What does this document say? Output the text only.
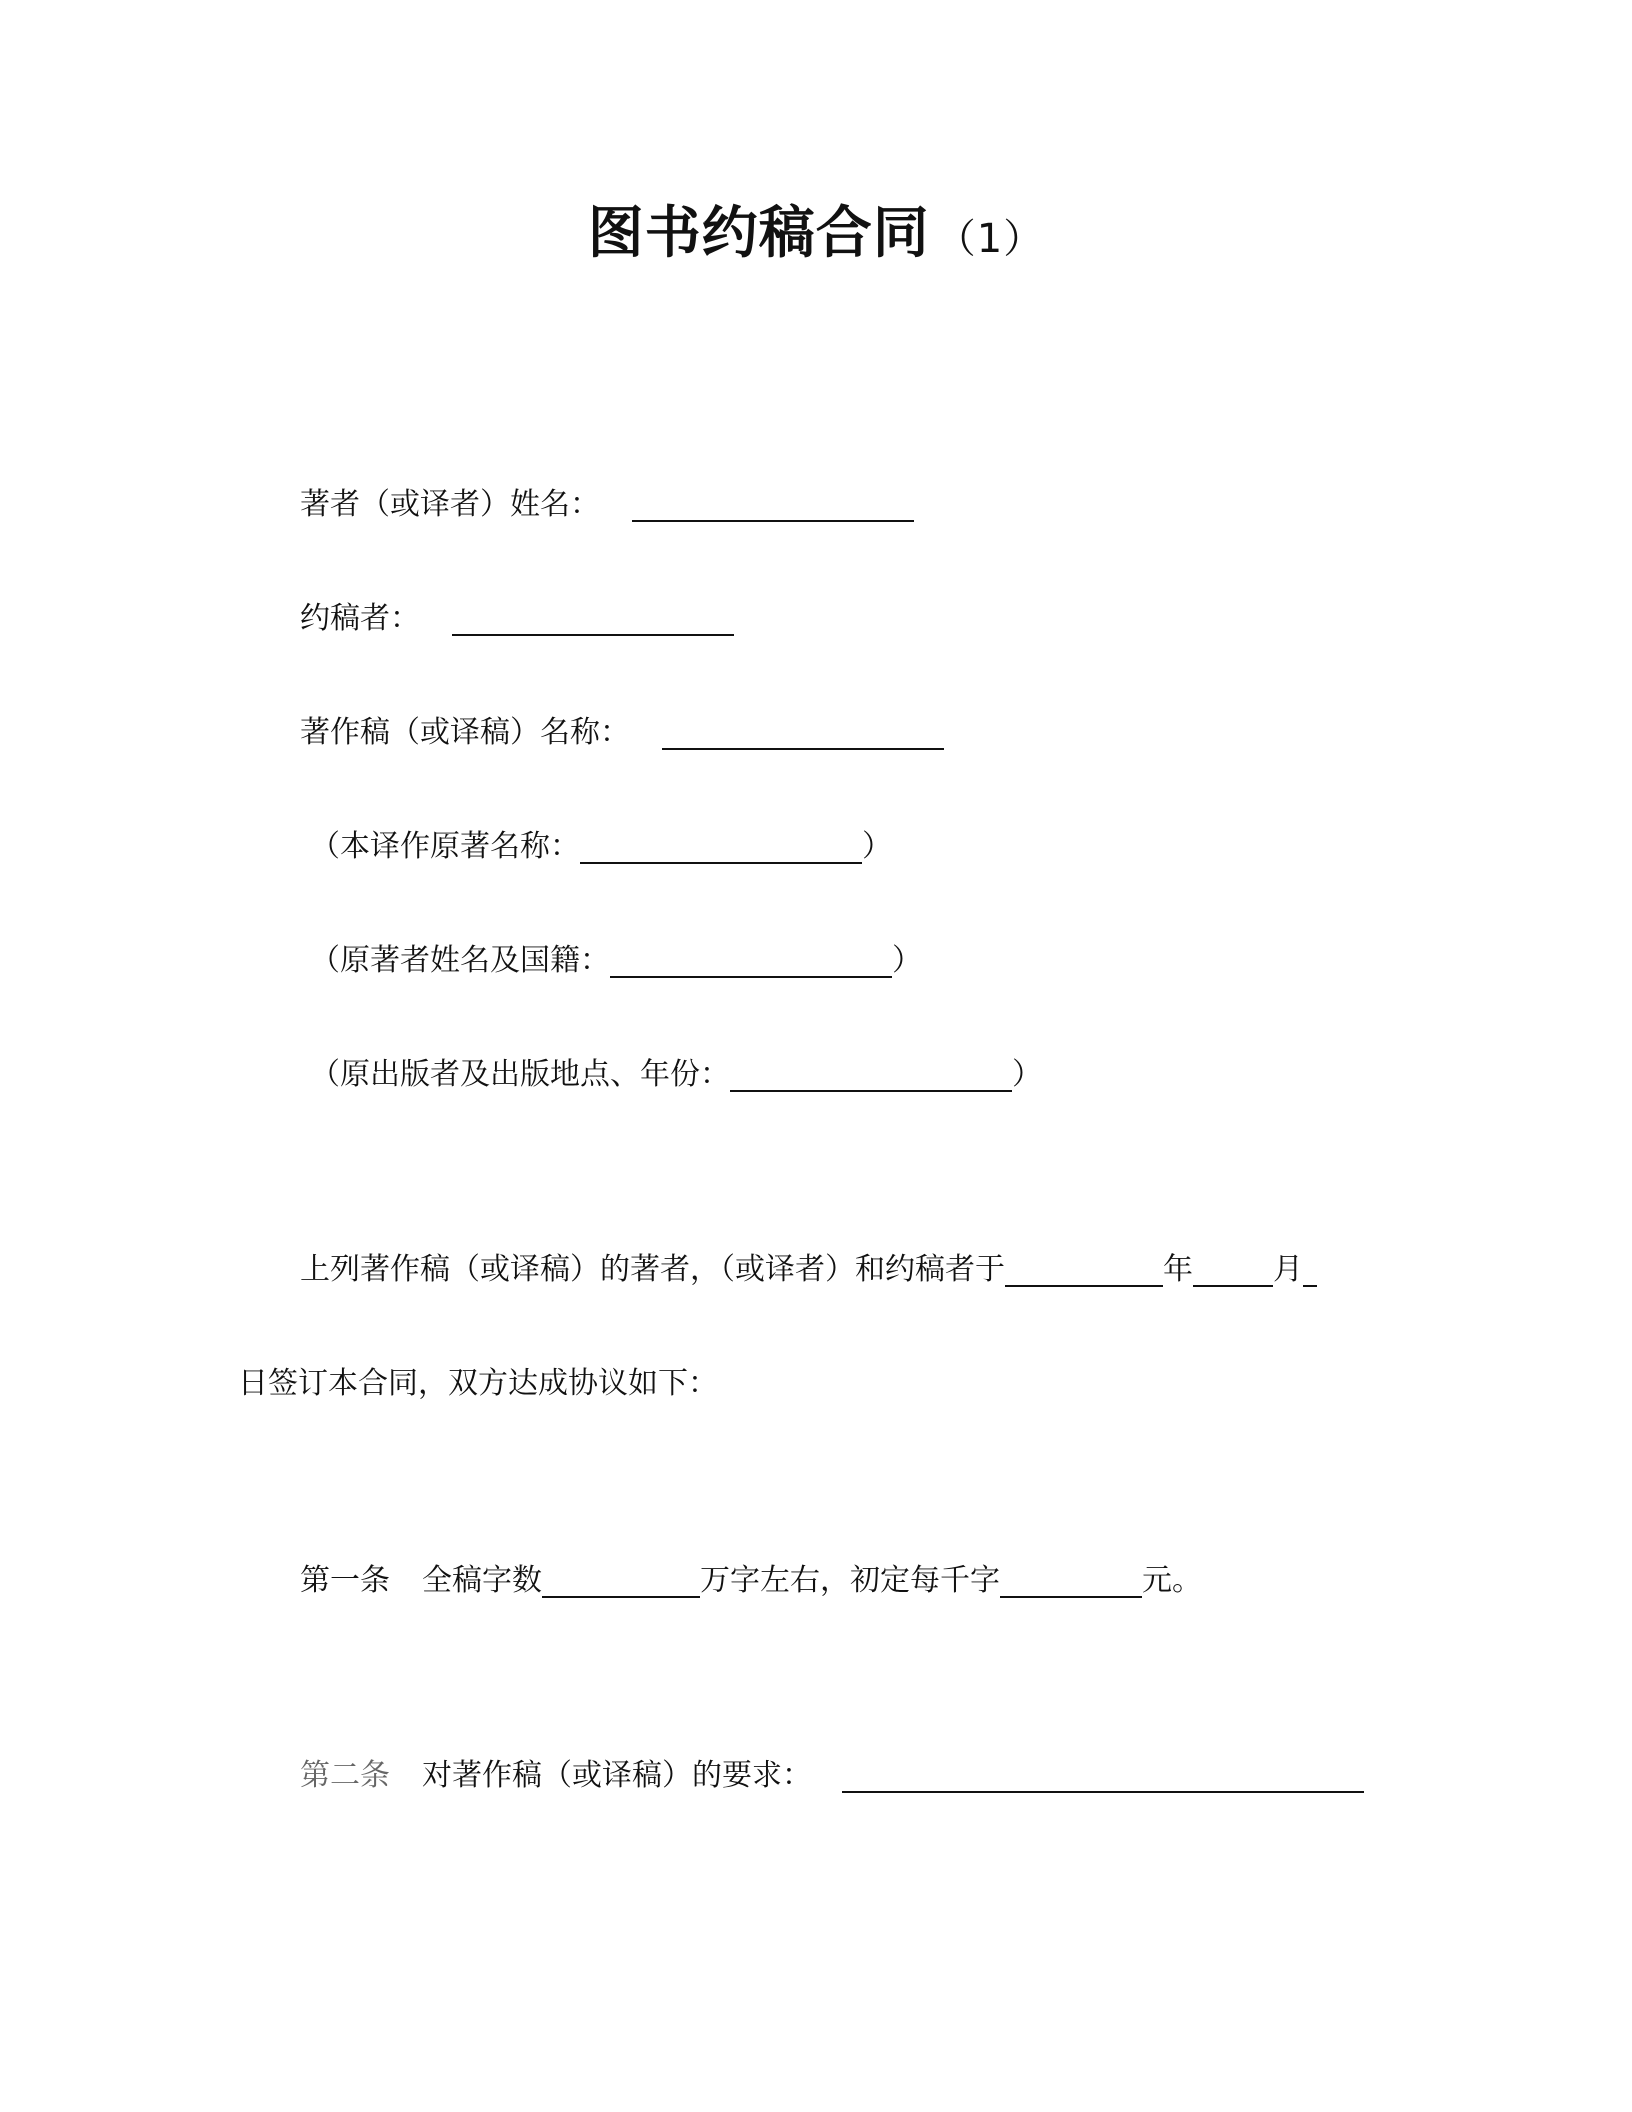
图书约稿合同 （1）
著者（或译者）姓名：
约稿者：
著作稿（或译稿）名称：
（本译作原著名称：	）
（原著者姓名及国籍：	）
（原出版者及出版地点、年份：	）
上列著作稿（或译稿）的著者，（或译者）和约稿者于	年	月
日签订本合同，双方达成协议如下：
第一条 全稿字数	万字左右，初定每千字	元。
第二条 对著作稿（或译稿）的要求：
